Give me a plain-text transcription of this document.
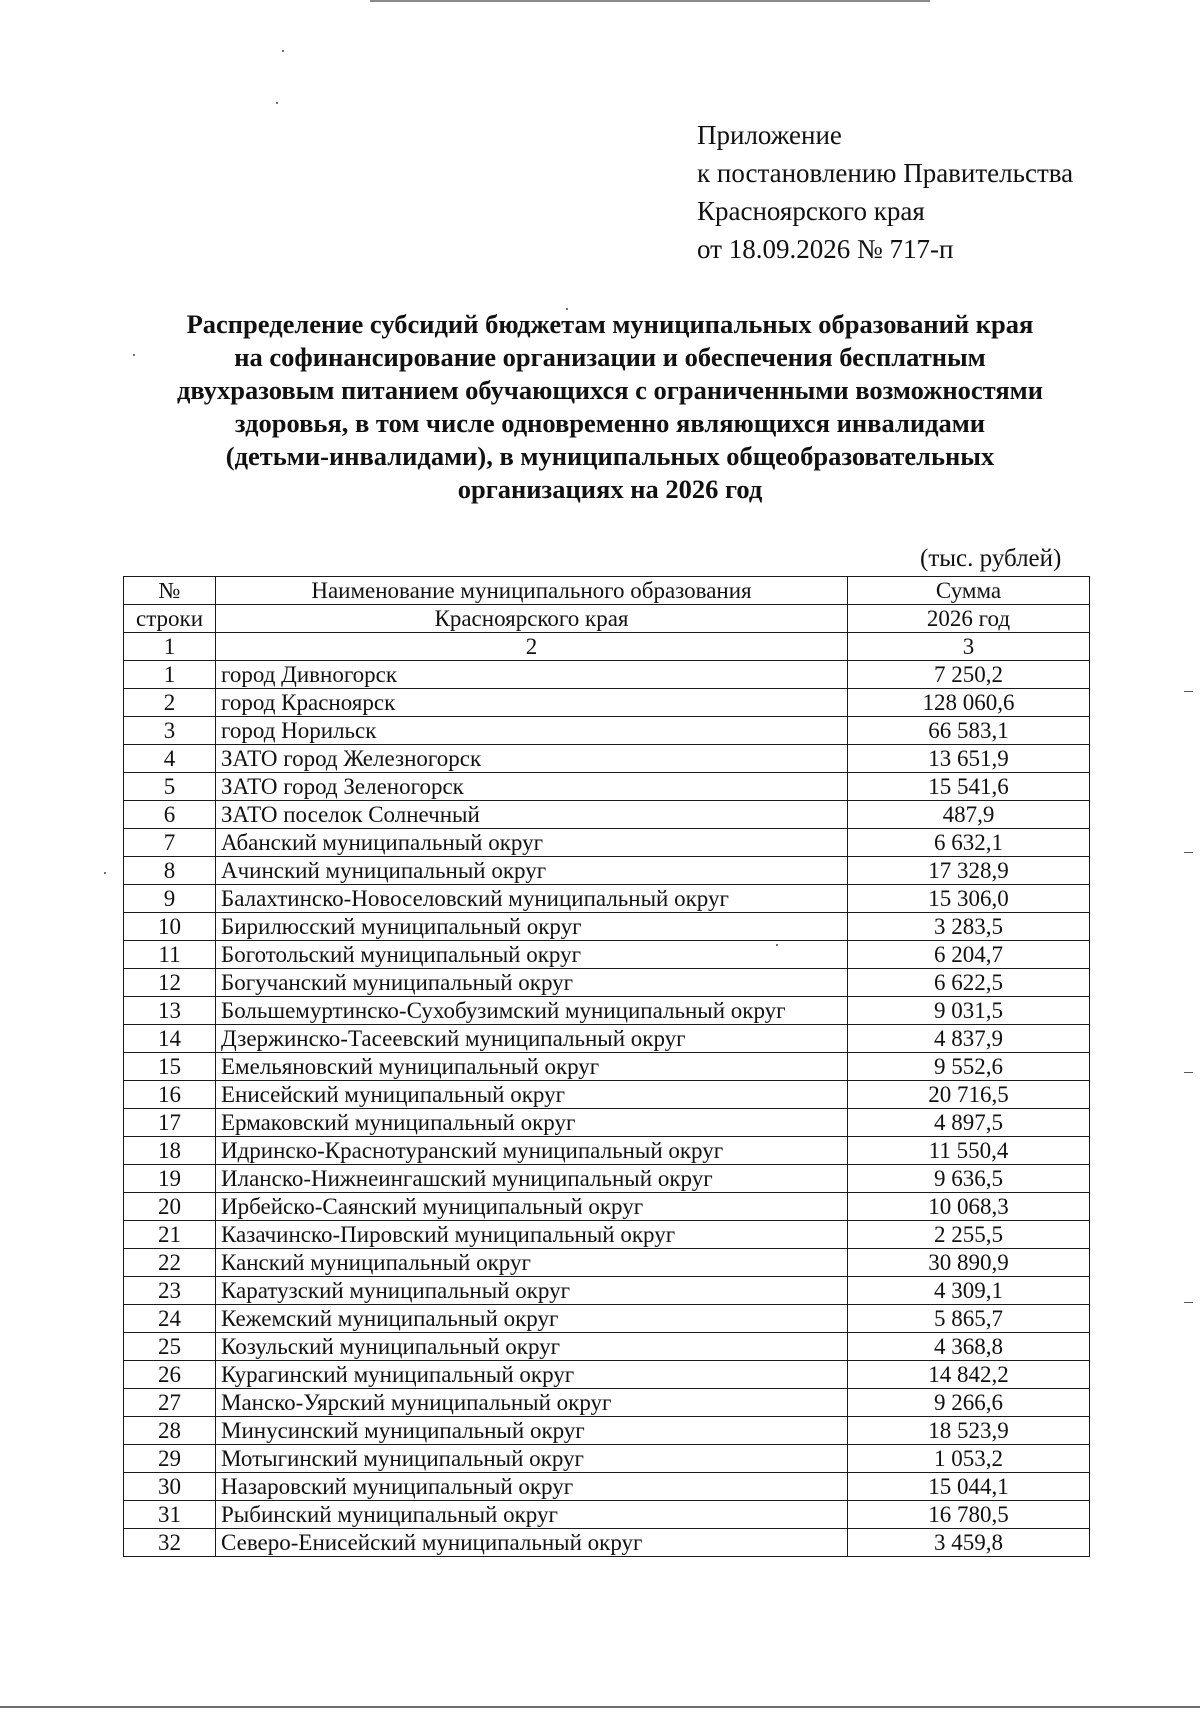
Приложение
к постановлению Правительства
Красноярского края
от 18.09.2026 № 717-п
Распределение субсидий бюджетам муниципальных образований края
на софинансирование организации и обеспечения бесплатным
двухразовым питанием обучающихся с ограниченными возможностями
здоровья, в том числе одновременно являющихся инвалидами
(детьми-инвалидами), в муниципальных общеобразовательных
организациях на 2026 год
(тыс. рублей)
№	Наименование муниципального образования	Сумма
строки	Красноярского края	2026 год
1	2	3
1	город Дивногорск	7 250,2
2	город Красноярск	128 060,6
3	город Норильск	66 583,1
4	ЗАТО город Железногорск	13 651,9
5	ЗАТО город Зеленогорск	15 541,6
6	ЗАТО поселок Солнечный	487,9
7	Абанский муниципальный округ	6 632,1
8	Ачинский муниципальный округ	17 328,9
9	Балахтинско-Новоселовский муниципальный округ	15 306,0
10	Бирилюсский муниципальный округ	3 283,5
11	Боготольский муниципальный округ	6 204,7
12	Богучанский муниципальный округ	6 622,5
13	Большемуртинско-Сухобузимский муниципальный округ	9 031,5
14	Дзержинско-Тасеевский муниципальный округ	4 837,9
15	Емельяновский муниципальный округ	9 552,6
16	Енисейский муниципальный округ	20 716,5
17	Ермаковский муниципальный округ	4 897,5
18	Идринско-Краснотуранский муниципальный округ	11 550,4
19	Иланско-Нижнеингашский муниципальный округ	9 636,5
20	Ирбейско-Саянский муниципальный округ	10 068,3
21	Казачинско-Пировский муниципальный округ	2 255,5
22	Канский муниципальный округ	30 890,9
23	Каратузский муниципальный округ	4 309,1
24	Кежемский муниципальный округ	5 865,7
25	Козульский муниципальный округ	4 368,8
26	Курагинский муниципальный округ	14 842,2
27	Манско-Уярский муниципальный округ	9 266,6
28	Минусинский муниципальный округ	18 523,9
29	Мотыгинский муниципальный округ	1 053,2
30	Назаровский муниципальный округ	15 044,1
31	Рыбинский муниципальный округ	16 780,5
32	Северо-Енисейский муниципальный округ	3 459,8
